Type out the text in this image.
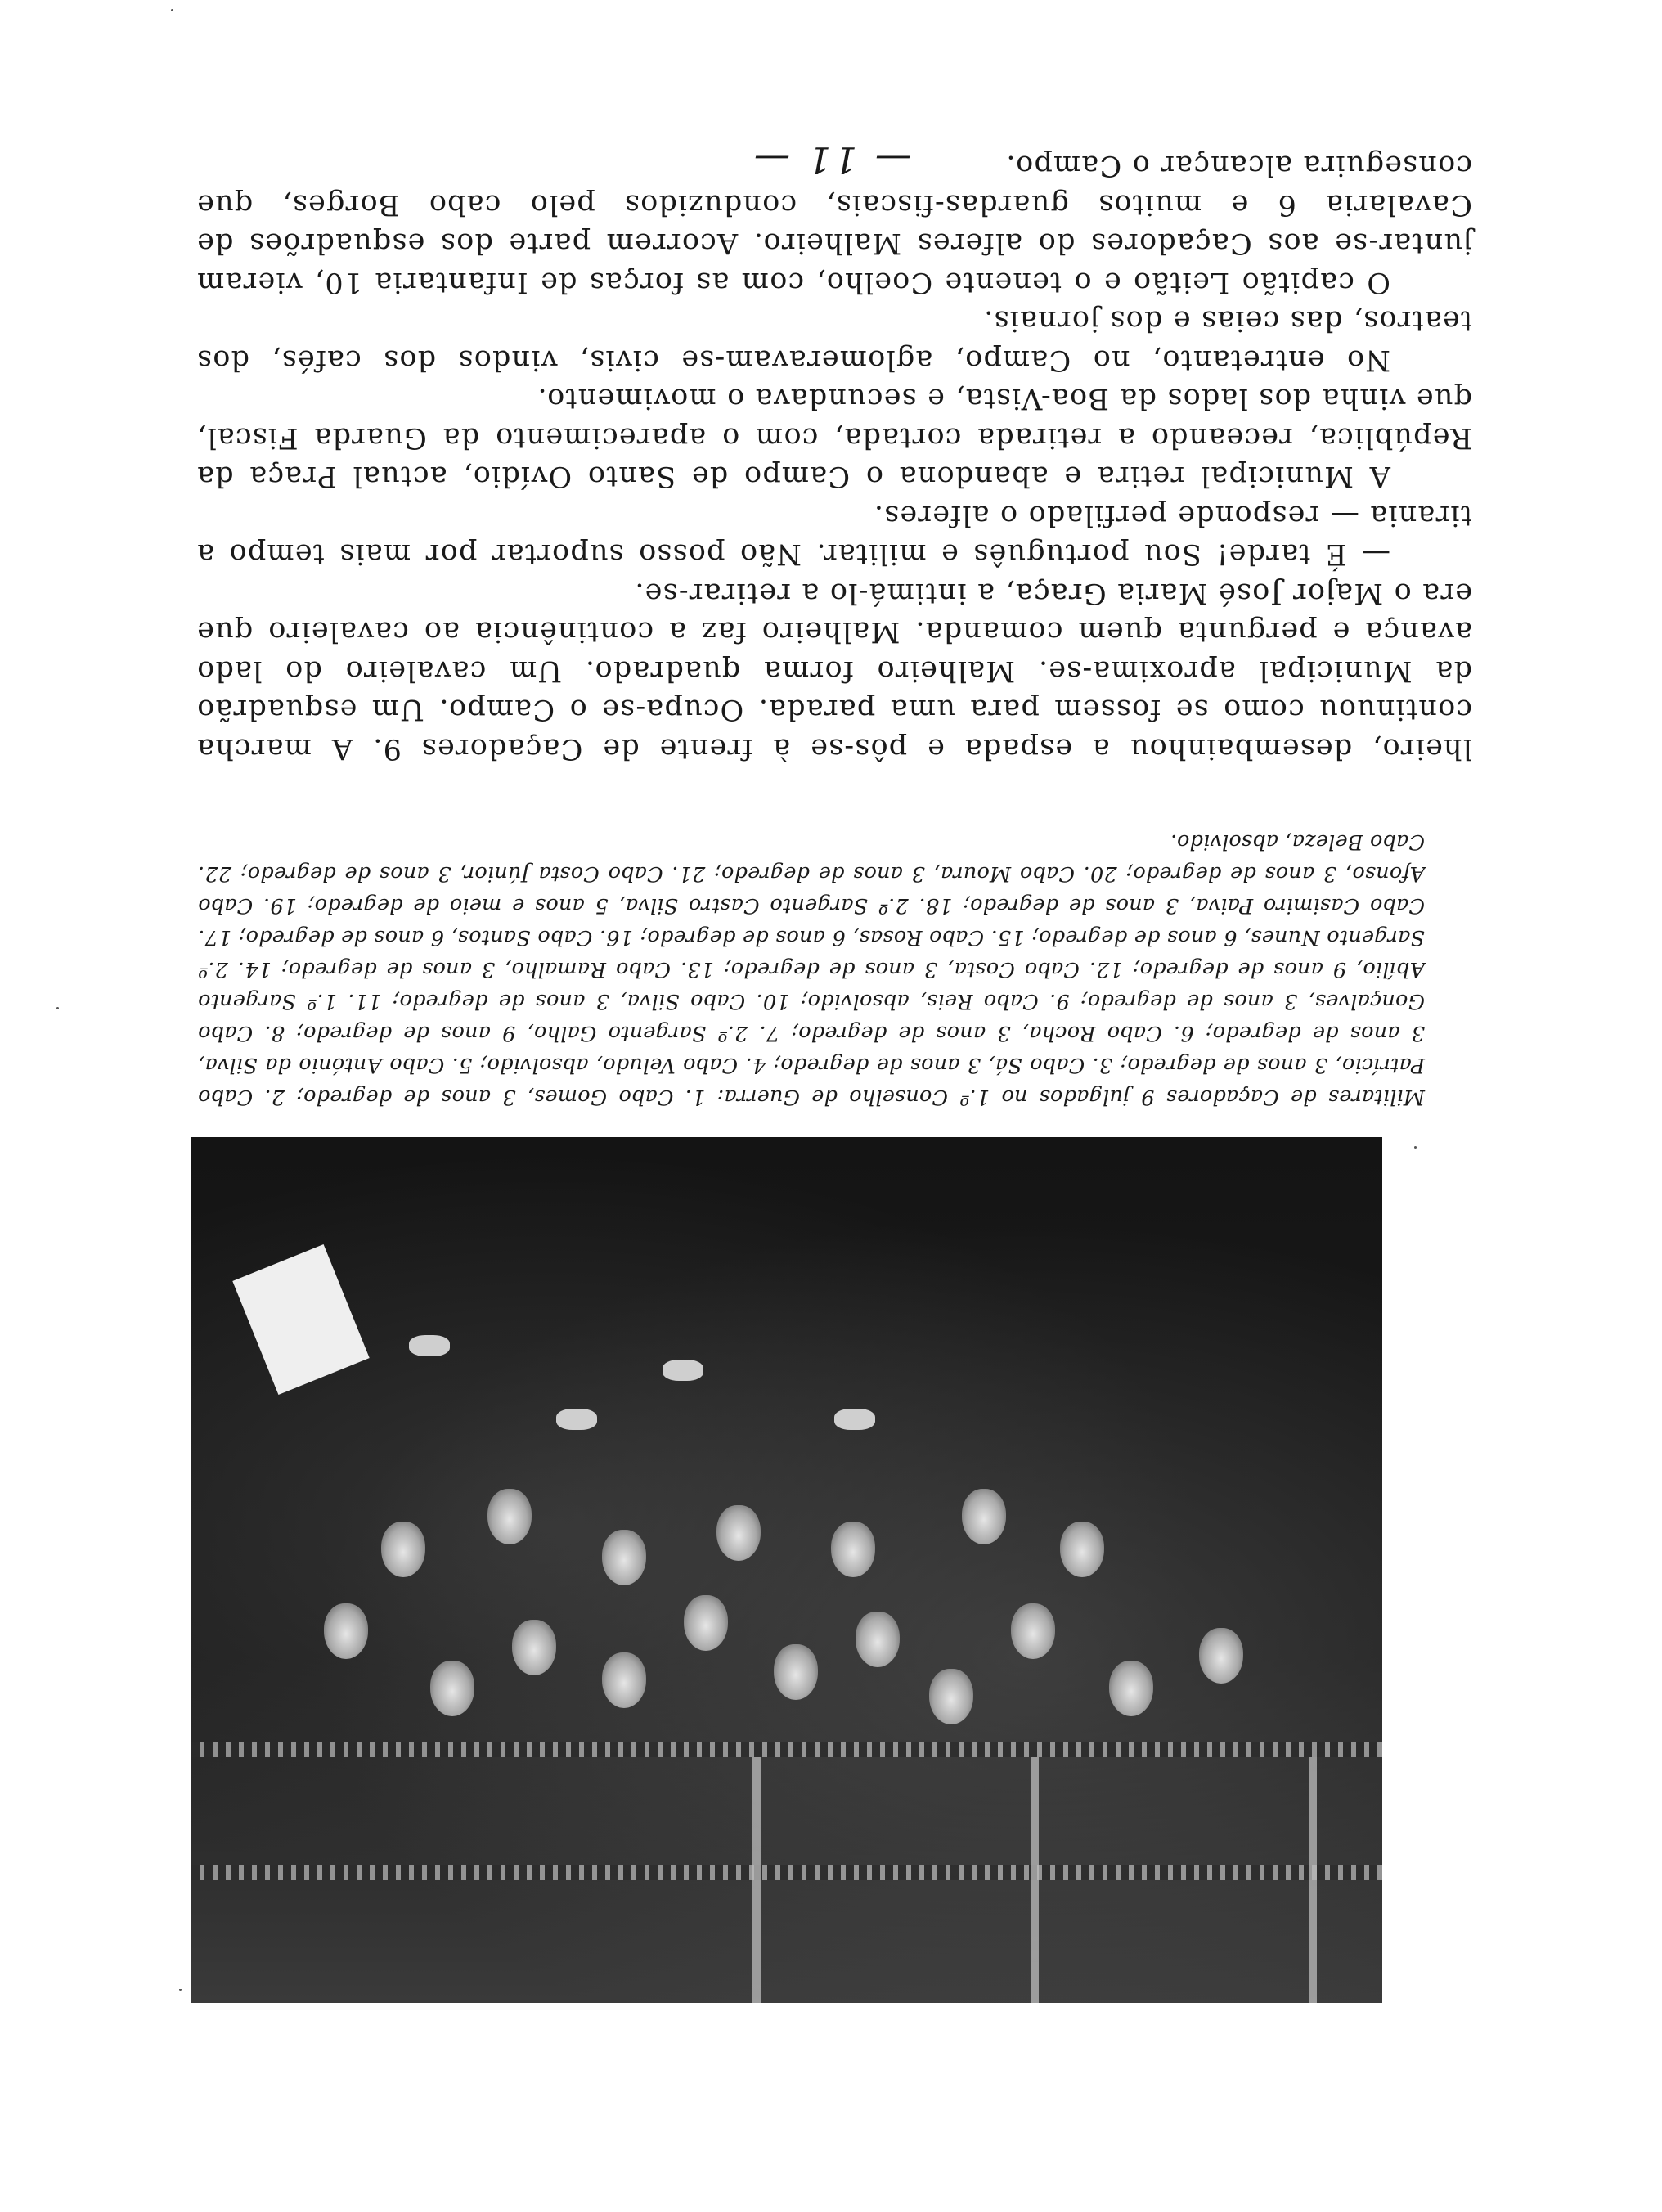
Militares de Caçadores 9 julgados no 1.º Conselho de Guerra: 1. Cabo Gomes, 3 anos de degredo; 2. Cabo Patrício, 3 anos de degredo; 3. Cabo Sá, 3 anos de degredo; 4. Cabo Veludo, absolvido; 5. Cabo António da Silva, 3 anos de degredo; 6. Cabo Rocha, 3 anos de degredo; 7. 2.º Sargento Galho, 9 anos de degredo; 8. Cabo Gonçalves, 3 anos de degredo; 9. Cabo Reis, absolvido; 10. Cabo Silva, 3 anos de degredo; 11. 1.º Sargento Abílio, 9 anos de degredo; 12. Cabo Costa, 3 anos de degredo; 13. Cabo Ramalho, 3 anos de degredo; 14. 2.º Sargento Nunes, 6 anos de degredo; 15. Cabo Rosas, 6 anos de degredo; 16. Cabo Santos, 6 anos de degredo; 17. Cabo Casimiro Paiva, 3 anos de degredo; 18. 2.º Sargento Castro Silva, 5 anos e meio de degredo; 19. Cabo Afonso, 3 anos de degredo; 20. Cabo Moura, 3 anos de degredo; 21. Cabo Costa Júnior, 3 anos de degredo; 22. Cabo Beleza, absolvido.

lheiro, desembainhou a espada e pôs-se à frente de Caçadores 9. A marcha continuou como se fossem para uma parada. Ocupa-se o Campo. Um esquadrão da Municipal aproxima-se. Malheiro forma quadrado. Um cavaleiro do lado avança e pergunta quem comanda. Malheiro faz a continência ao cavaleiro que era o Major José Maria Graça, a intimá-lo a retirar-se.

— É tarde! Sou português e militar. Não posso suportar por mais tempo a tirania — responde perfilado o alferes.

A Municipal retira e abandona o Campo de Santo Ovídio, actual Praça da República, receando a retirada cortada, com o aparecimento da Guarda Fiscal, que vinha dos lados da Boa-Vista, e secundava o movimento.

No entretanto, no Campo, aglomeravam-se civis, vindos dos cafés, dos teatros, das ceias e dos jornais.

O capitão Leitão e o tenente Coelho, com as forças de Infantaria 10, vieram juntar-se aos Caçadores do alferes Malheiro. Acorrem parte dos esquadrões de Cavalaria 6 e muitos guardas-fiscais, conduzidos pelo cabo Borges, que conseguira alcançar o Campo.

— 11 —
